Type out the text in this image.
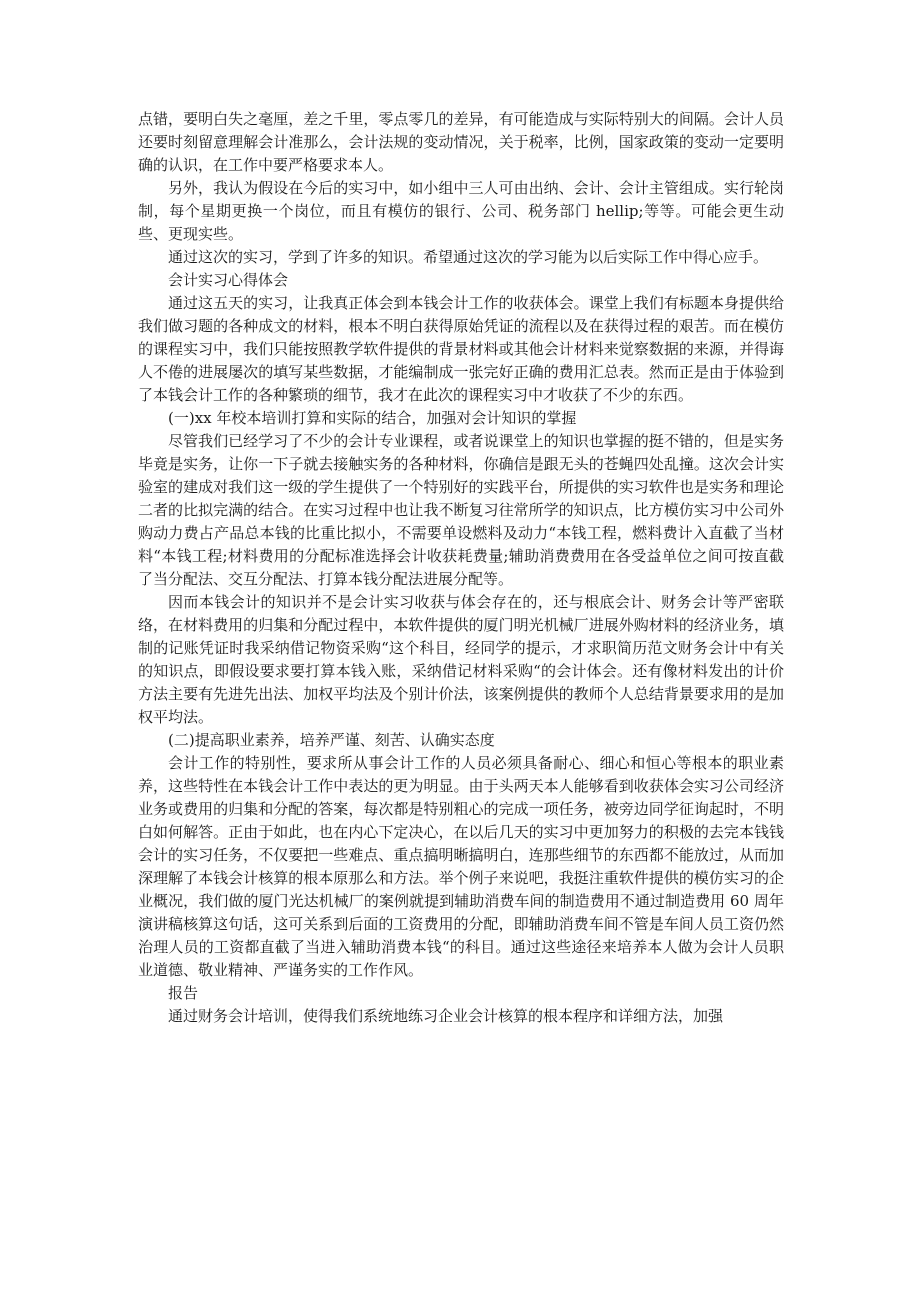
点错，要明白失之毫厘，差之千里，零点零几的差异，有可能造成与实际特别大的间隔。会计人员还要时刻留意理解会计准那么，会计法规的变动情况，关于税率，比例，国家政策的变动一定要明确的认识，在工作中要严格要求本人。

另外，我认为假设在今后的实习中，如小组中三人可由出纳、会计、会计主管组成。实行轮岗制，每个星期更换一个岗位，而且有模仿的银行、公司、税务部门 hellip;等等。可能会更生动些、更现实些。

通过这次的实习，学到了许多的知识。希望通过这次的学习能为以后实际工作中得心应手。

会计实习心得体会

通过这五天的实习，让我真正体会到本钱会计工作的收获体会。课堂上我们有标题本身提供给我们做习题的各种成文的材料，根本不明白获得原始凭证的流程以及在获得过程的艰苦。而在模仿的课程实习中，我们只能按照教学软件提供的背景材料或其他会计材料来觉察数据的来源，并得诲人不倦的进展屡次的填写某些数据，才能编制成一张完好正确的费用汇总表。然而正是由于体验到了本钱会计工作的各种繁琐的细节，我才在此次的课程实习中才收获了不少的东西。

(一)xx 年校本培训打算和实际的结合，加强对会计知识的掌握

尽管我们已经学习了不少的会计专业课程，或者说课堂上的知识也掌握的挺不错的，但是实务毕竟是实务，让你一下子就去接触实务的各种材料，你确信是跟无头的苍蝇四处乱撞。这次会计实验室的建成对我们这一级的学生提供了一个特别好的实践平台，所提供的实习软件也是实务和理论二者的比拟完满的结合。在实习过程中也让我不断复习往常所学的知识点，比方模仿实习中公司外购动力费占产品总本钱的比重比拟小，不需要单设燃料及动力“本钱工程，燃料费计入直截了当材料“本钱工程;材料费用的分配标准选择会计收获耗费量;辅助消费费用在各受益单位之间可按直截了当分配法、交互分配法、打算本钱分配法进展分配等。

因而本钱会计的知识并不是会计实习收获与体会存在的，还与根底会计、财务会计等严密联络，在材料费用的归集和分配过程中，本软件提供的厦门明光机械厂进展外购材料的经济业务，填制的记账凭证时我采纳借记物资采购“这个科目，经同学的提示，才求职简历范文财务会计中有关的知识点，即假设要求要打算本钱入账，采纳借记材料采购“的会计体会。还有像材料发出的计价方法主要有先进先出法、加权平均法及个别计价法，该案例提供的教师个人总结背景要求用的是加权平均法。

(二)提高职业素养，培养严谨、刻苦、认确实态度

会计工作的特别性，要求所从事会计工作的人员必须具备耐心、细心和恒心等根本的职业素养，这些特性在本钱会计工作中表达的更为明显。由于头两天本人能够看到收获体会实习公司经济业务或费用的归集和分配的答案，每次都是特别粗心的完成一项任务，被旁边同学征询起时，不明白如何解答。正由于如此，也在内心下定决心，在以后几天的实习中更加努力的积极的去完本钱钱会计的实习任务，不仅要把一些难点、重点搞明晰搞明白，连那些细节的东西都不能放过，从而加深理解了本钱会计核算的根本原那么和方法。举个例子来说吧，我挺注重软件提供的模仿实习的企业概况，我们做的厦门光达机械厂的案例就提到辅助消费车间的制造费用不通过制造费用 60 周年演讲稿核算这句话，这可关系到后面的工资费用的分配，即辅助消费车间不管是车间人员工资仍然治理人员的工资都直截了当进入辅助消费本钱“的科目。通过这些途径来培养本人做为会计人员职业道德、敬业精神、严谨务实的工作作风。

报告

通过财务会计培训，使得我们系统地练习企业会计核算的根本程序和详细方法，加强
